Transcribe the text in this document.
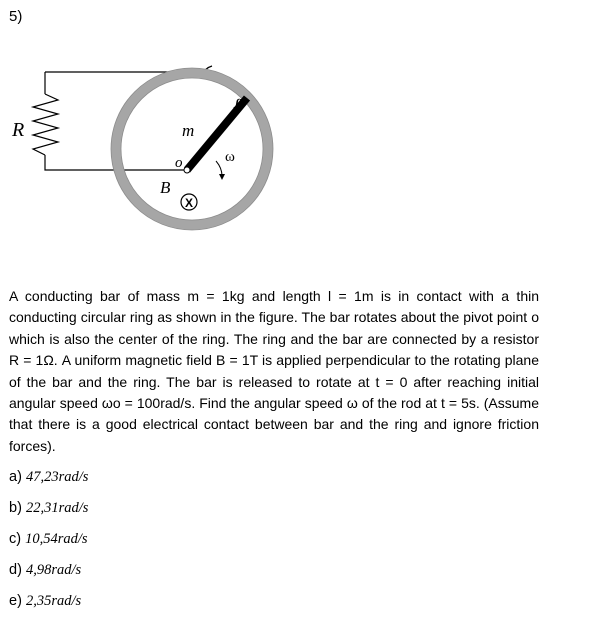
5)
R	m
ℓ
ω
o
B
X
A conducting bar of mass m = 1kg and length l = 1m is in contact with a thin conducting circular ring as shown in the figure. The bar rotates about the pivot point o which is also the center of the ring. The ring and the bar are connected by a resistor R = 1Ω. A uniform magnetic field B = 1T is applied perpendicular to the rotating plane of the bar and the ring. The bar is released to rotate at t = 0 after reaching initial angular speed ωo = 100rad/s. Find the angular speed ω of the rod at t = 5s. (Assume that there is a good electrical contact between bar and the ring and ignore friction forces).
a) 47,23rad/s
b) 22,31rad/s
c) 10,54rad/s
d) 4,98rad/s
e) 2,35rad/s
